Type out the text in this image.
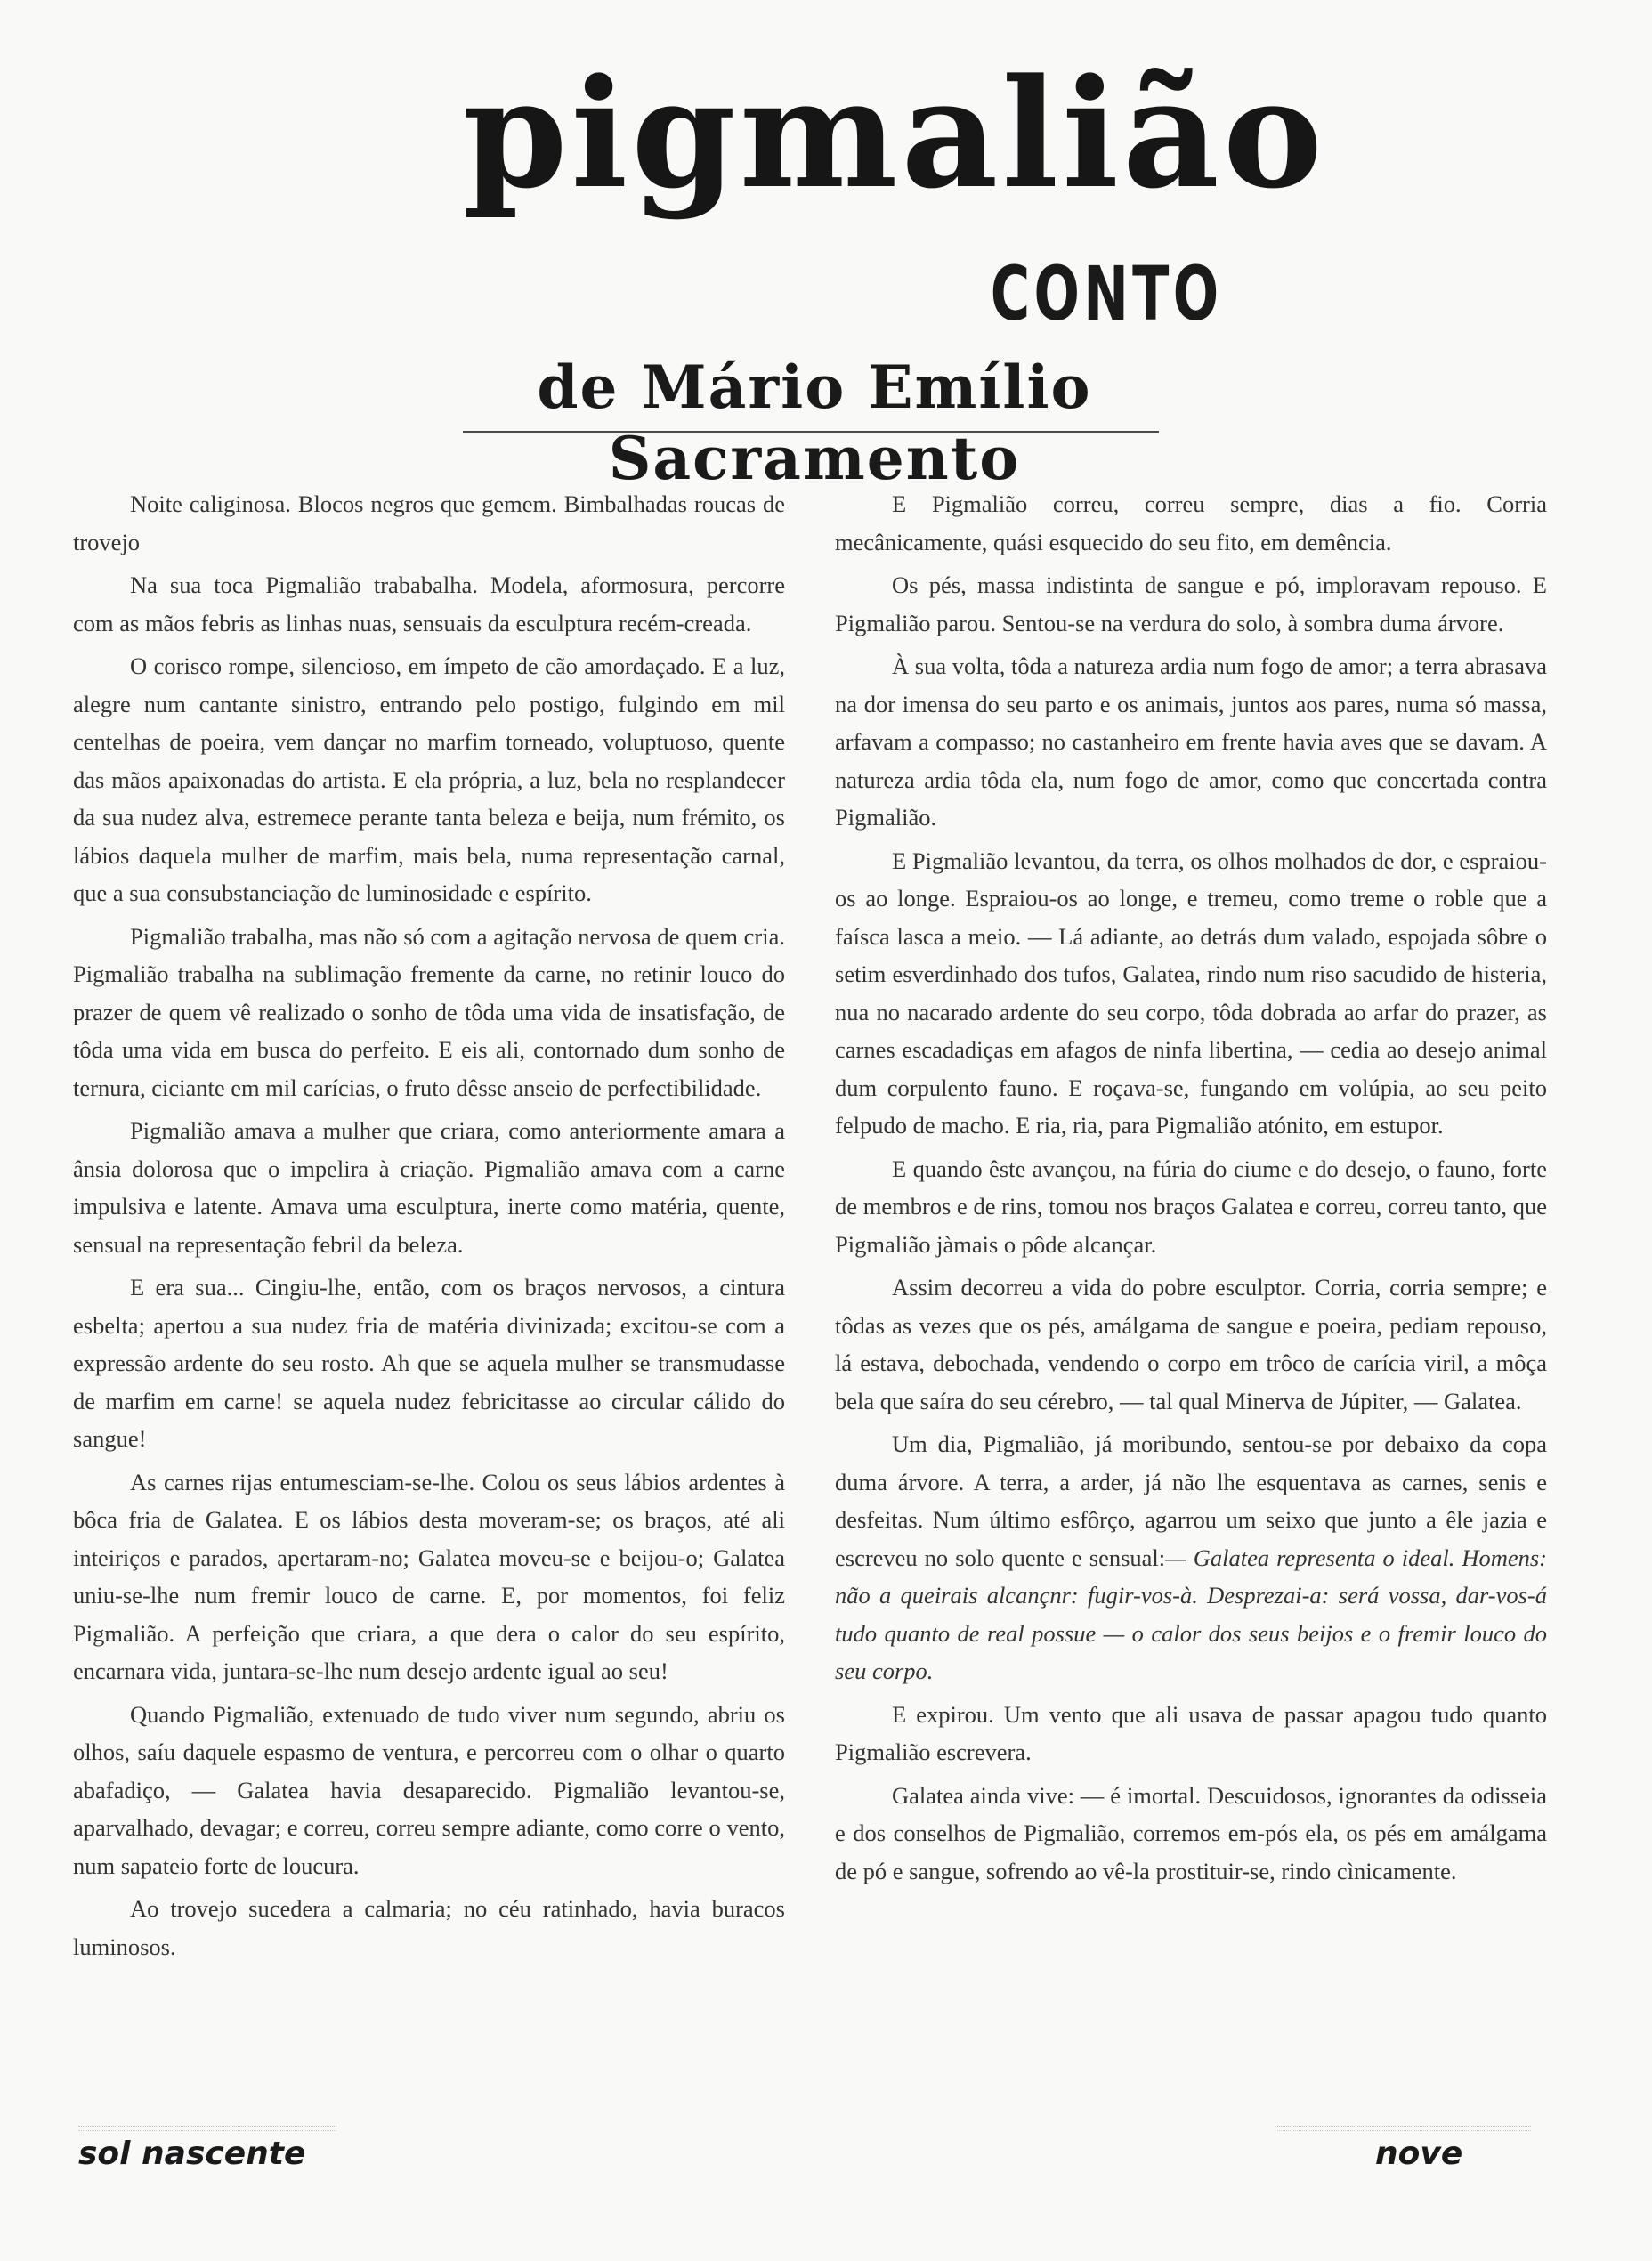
pigmalião
CONTO
de Mário Emílio Sacramento

Noite caliginosa. Blocos negros que gemem. Bimbalhadas roucas de trovejo

Na sua toca Pigmalião trababalha. Modela, aformosura, percorre com as mãos febris as linhas nuas, sensuais da esculptura recém-creada.

O corisco rompe, silencioso, em ímpeto de cão amordaçado. E a luz, alegre num cantante sinistro, entrando pelo postigo, fulgindo em mil centelhas de poeira, vem dançar no marfim torneado, voluptuoso, quente das mãos apaixonadas do artista. E ela própria, a luz, bela no resplandecer da sua nudez alva, estremece perante tanta beleza e beija, num frémito, os lábios daquela mulher de marfim, mais bela, numa representação carnal, que a sua consubstanciação de luminosidade e espírito.

Pigmalião trabalha, mas não só com a agitação nervosa de quem cria. Pigmalião trabalha na sublimação fremente da carne, no retinir louco do prazer de quem vê realizado o sonho de tôda uma vida de insatisfação, de tôda uma vida em busca do perfeito. E eis ali, contornado dum sonho de ternura, ciciante em mil carícias, o fruto dêsse anseio de perfectibilidade.

Pigmalião amava a mulher que criara, como anteriormente amara a ânsia dolorosa que o impelira à criação. Pigmalião amava com a carne impulsiva e latente. Amava uma esculptura, inerte como matéria, quente, sensual na representação febril da beleza.

E era sua... Cingiu-lhe, então, com os braços nervosos, a cintura esbelta; apertou a sua nudez fria de matéria divinizada; excitou-se com a expressão ardente do seu rosto. Ah que se aquela mulher se transmudasse de marfim em carne! se aquela nudez febricitasse ao circular cálido do sangue!

As carnes rijas entumesciam-se-lhe. Colou os seus lábios ardentes à bôca fria de Galatea. E os lábios desta moveram-se; os braços, até ali inteiriços e parados, apertaram-no; Galatea moveu-se e beijou-o; Galatea uniu-se-lhe num fremir louco de carne. E, por momentos, foi feliz Pigmalião. A perfeição que criara, a que dera o calor do seu espírito, encarnara vida, juntara-se-lhe num desejo ardente igual ao seu!

Quando Pigmalião, extenuado de tudo viver num segundo, abriu os olhos, saíu daquele espasmo de ventura, e percorreu com o olhar o quarto abafadiço, — Galatea havia desaparecido. Pigmalião levantou-se, aparvalhado, devagar; e correu, correu sempre adiante, como corre o vento, num sapateio forte de loucura.

Ao trovejo sucedera a calmaria; no céu ratinhado, havia buracos luminosos.

E Pigmalião correu, correu sempre, dias a fio. Corria mecânicamente, quási esquecido do seu fito, em demência.

Os pés, massa indistinta de sangue e pó, imploravam repouso. E Pigmalião parou. Sentou-se na verdura do solo, à sombra duma árvore.

À sua volta, tôda a natureza ardia num fogo de amor; a terra abrasava na dor imensa do seu parto e os animais, juntos aos pares, numa só massa, arfavam a compasso; no castanheiro em frente havia aves que se davam. A natureza ardia tôda ela, num fogo de amor, como que concertada contra Pigmalião.

E Pigmalião levantou, da terra, os olhos molhados de dor, e espraiou-os ao longe. Espraiou-os ao longe, e tremeu, como treme o roble que a faísca lasca a meio. — Lá adiante, ao detrás dum valado, espojada sôbre o setim esverdinhado dos tufos, Galatea, rindo num riso sacudido de histeria, nua no nacarado ardente do seu corpo, tôda dobrada ao arfar do prazer, as carnes escadadiças em afagos de ninfa libertina, — cedia ao desejo animal dum corpulento fauno. E roçava-se, fungando em volúpia, ao seu peito felpudo de macho. E ria, ria, para Pigmalião atónito, em estupor.

E quando êste avançou, na fúria do ciume e do desejo, o fauno, forte de membros e de rins, tomou nos braços Galatea e correu, correu tanto, que Pigmalião jàmais o pôde alcançar.

Assim decorreu a vida do pobre esculptor. Corria, corria sempre; e tôdas as vezes que os pés, amálgama de sangue e poeira, pediam repouso, lá estava, debochada, vendendo o corpo em trôco de carícia viril, a môça bela que saíra do seu cérebro, — tal qual Minerva de Júpiter, — Galatea.

Um dia, Pigmalião, já moribundo, sentou-se por debaixo da copa duma árvore. A terra, a arder, já não lhe esquentava as carnes, senis e desfeitas. Num último esfôrço, agarrou um seixo que junto a êle jazia e escreveu no solo quente e sensual:— Galatea representa o ideal. Homens: não a queirais alcançnr: fugir-vos-à. Desprezai-a: será vossa, dar-vos-á tudo quanto de real possue — o calor dos seus beijos e o fremir louco do seu corpo.

E expirou. Um vento que ali usava de passar apagou tudo quanto Pigmalião escrevera.

Galatea ainda vive: — é imortal. Descuidosos, ignorantes da odisseia e dos conselhos de Pigmalião, corremos em-pós ela, os pés em amálgama de pó e sangue, sofrendo ao vê-la prostituir-se, rindo cìnicamente.

sol nascente	nove
